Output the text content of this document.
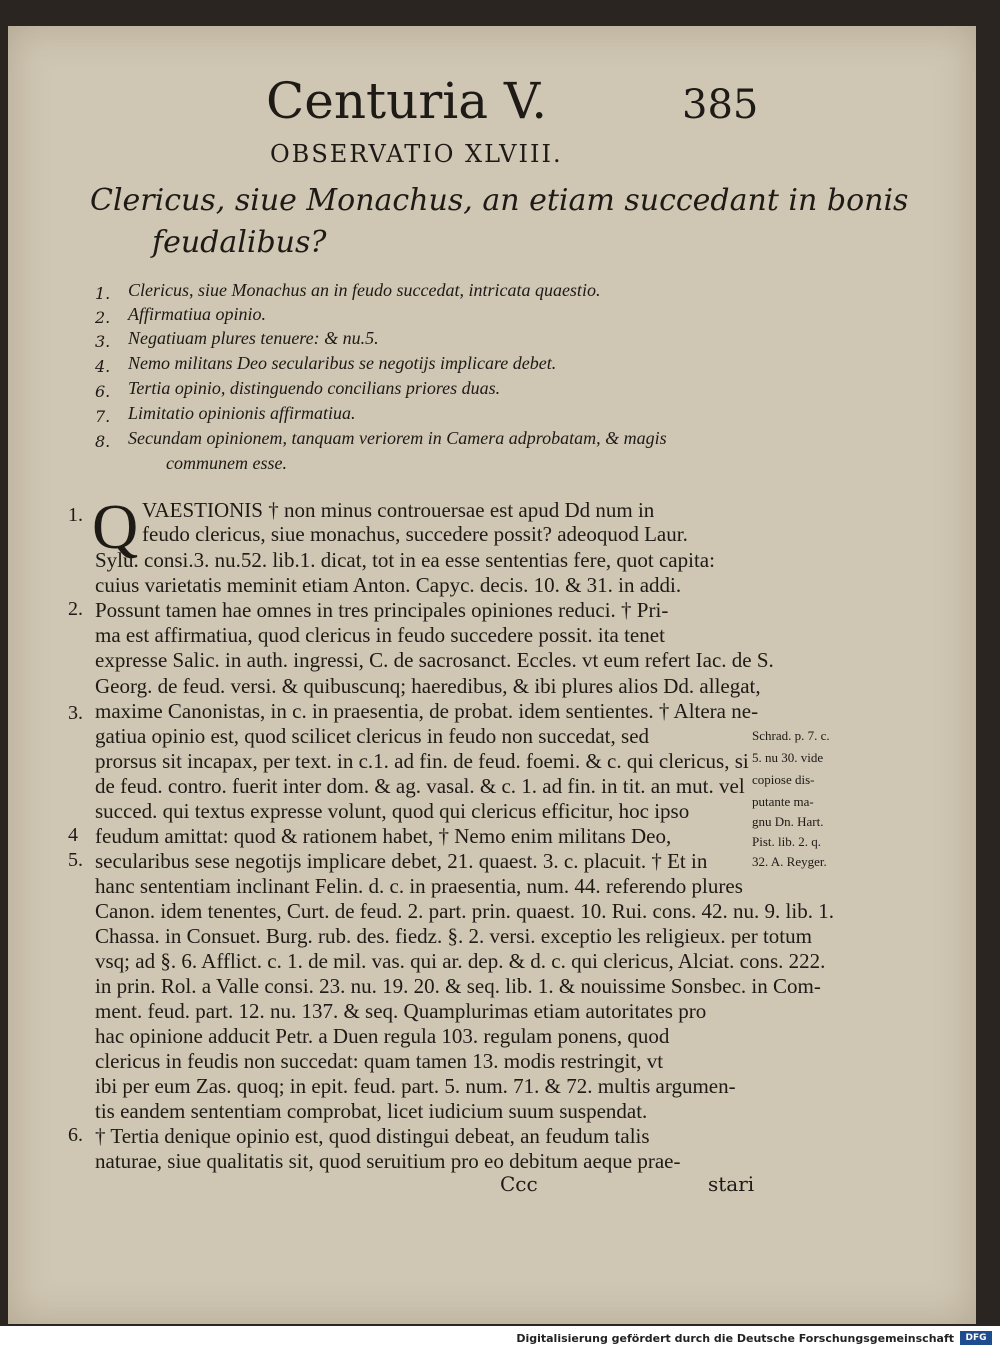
Centuria V.	385
OBSERVATIO XLVIII.
Clericus, siue Monachus, an etiam succedant in bonis
feudalibus?
1. Clericus, siue Monachus an in feudo succedat, intricata quaestio.
2. Affirmatiua opinio.
3. Negatiuam plures tenuere: & nu.5.
4. Nemo militans Deo secularibus se negotijs implicare debet.
6. Tertia opinio, distinguendo concilians priores duas.
7. Limitatio opinionis affirmatiua.
8. Secundam opinionem, tanquam veriorem in Camera adprobatam, & magis
communem esse.
Q VAESTIONIS † non minus controuersae est apud Dd num in
feudo clericus, siue monachus, succedere possit? adeoquod Laur.
Sylu. consi.3. nu.52. lib.1. dicat, tot in ea esse sententias fere, quot capita:
cuius varietatis meminit etiam Anton. Capyc. decis. 10. & 31. in addi.
Possunt tamen hae omnes in tres principales opiniones reduci. † Pri-
ma est affirmatiua, quod clericus in feudo succedere possit. ita tenet
expresse Salic. in auth. ingressi, C. de sacrosanct. Eccles. vt eum refert Iac. de S.
Georg. de feud. versi. & quibuscunq; haeredibus, & ibi plures alios Dd. allegat,
maxime Canonistas, in c. in praesentia, de probat. idem sentientes. † Altera ne-
gatiua opinio est, quod scilicet clericus in feudo non succedat, sed
prorsus sit incapax, per text. in c.1. ad fin. de feud. foemi. & c. qui clericus, si
de feud. contro. fuerit inter dom. & ag. vasal. & c. 1. ad fin. in tit. an mut. vel
succed. qui textus expresse volunt, quod qui clericus efficitur, hoc ipso
feudum amittat: quod & rationem habet, † Nemo enim militans Deo,
secularibus sese negotijs implicare debet, 21. quaest. 3. c. placuit. † Et in
hanc sententiam inclinant Felin. d. c. in praesentia, num. 44. referendo plures
Canon. idem tenentes, Curt. de feud. 2. part. prin. quaest. 10. Rui. cons. 42. nu. 9. lib. 1.
Chassa. in Consuet. Burg. rub. des. fiedz. §. 2. versi. exceptio les religieux. per totum
vsq; ad §. 6. Afflict. c. 1. de mil. vas. qui ar. dep. & d. c. qui clericus, Alciat. cons. 222.
in prin. Rol. a Valle consi. 23. nu. 19. 20. & seq. lib. 1. & nouissime Sonsbec. in Com-
ment. feud. part. 12. nu. 137. & seq. Quamplurimas etiam autoritates pro
hac opinione adducit Petr. a Duen regula 103. regulam ponens, quod
clericus in feudis non succedat: quam tamen 13. modis restringit, vt
ibi per eum Zas. quoq; in epit. feud. part. 5. num. 71. & 72. multis argumen-
tis eandem sententiam comprobat, licet iudicium suum suspendat.
† Tertia denique opinio est, quod distingui debeat, an feudum talis
naturae, siue qualitatis sit, quod seruitium pro eo debitum aeque prae-
1.
2.
3.
4
5.
6.
Schrad. p. 7. c.
5. nu 30. vide
copiose dis-
putante ma-
gnu Dn. Hart.
Pist. lib. 2. q.
32. A. Reyger.
Ccc	stari
Digitalisierung gefördert durch die Deutsche Forschungsgemeinschaft	DFG
